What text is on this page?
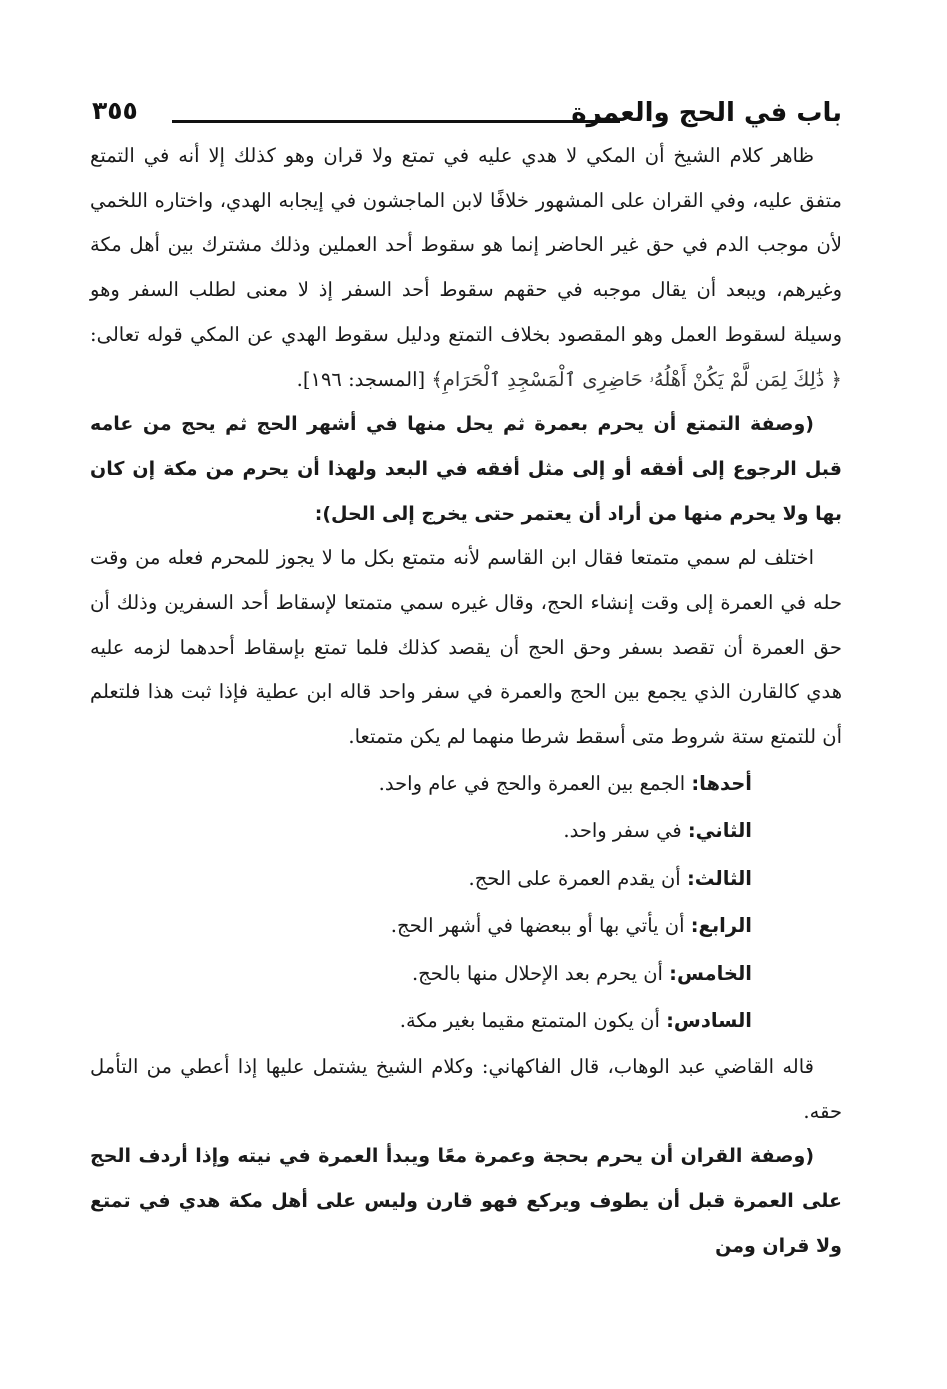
باب في الحج والعمرة
٣٥٥

ظاهر كلام الشيخ أن المكي لا هدي عليه في تمتع ولا قران وهو كذلك إلا أنه في التمتع متفق عليه، وفي القران على المشهور خلافًا لابن الماجشون في إيجابه الهدي، واختاره اللخمي لأن موجب الدم في حق غير الحاضر إنما هو سقوط أحد العملين وذلك مشترك بين أهل مكة وغيرهم، ويبعد أن يقال موجبه في حقهم سقوط أحد السفر إذ لا معنى لطلب السفر وهو وسيلة لسقوط العمل وهو المقصود بخلاف التمتع ودليل سقوط الهدي عن المكي قوله تعالى: ﴿ ذَٰلِكَ لِمَن لَّمْ يَكُنْ أَهْلُهُۥ حَاضِرِى ٱلْمَسْجِدِ ٱلْحَرَامِ﴾ [المسجد: ١٩٦].

(وصفة التمتع أن يحرم بعمرة ثم يحل منها في أشهر الحج ثم يحج من عامه قبل الرجوع إلى أفقه أو إلى مثل أفقه في البعد ولهذا أن يحرم من مكة إن كان بها ولا يحرم منها من أراد أن يعتمر حتى يخرج إلى الحل):

اختلف لم سمي متمتعا فقال ابن القاسم لأنه متمتع بكل ما لا يجوز للمحرم فعله من وقت حله في العمرة إلى وقت إنشاء الحج، وقال غيره سمي متمتعا لإسقاط أحد السفرين وذلك أن حق العمرة أن تقصد بسفر وحق الحج أن يقصد كذلك فلما تمتع بإسقاط أحدهما لزمه عليه هدي كالقارن الذي يجمع بين الحج والعمرة في سفر واحد قاله ابن عطية فإذا ثبت هذا فلتعلم أن للتمتع ستة شروط متى أسقط شرطا منهما لم يكن متمتعا.

أحدها: الجمع بين العمرة والحج في عام واحد.
الثاني: في سفر واحد.
الثالث: أن يقدم العمرة على الحج.
الرابع: أن يأتي بها أو ببعضها في أشهر الحج.
الخامس: أن يحرم بعد الإحلال منها بالحج.
السادس: أن يكون المتمتع مقيما بغير مكة.

قاله القاضي عبد الوهاب، قال الفاكهاني: وكلام الشيخ يشتمل عليها إذا أعطي من التأمل حقه.

(وصفة القران أن يحرم بحجة وعمرة معًا ويبدأ العمرة في نيته وإذا أردف الحج على العمرة قبل أن يطوف ويركع فهو قارن وليس على أهل مكة هدي في تمتع ولا قران ومن
